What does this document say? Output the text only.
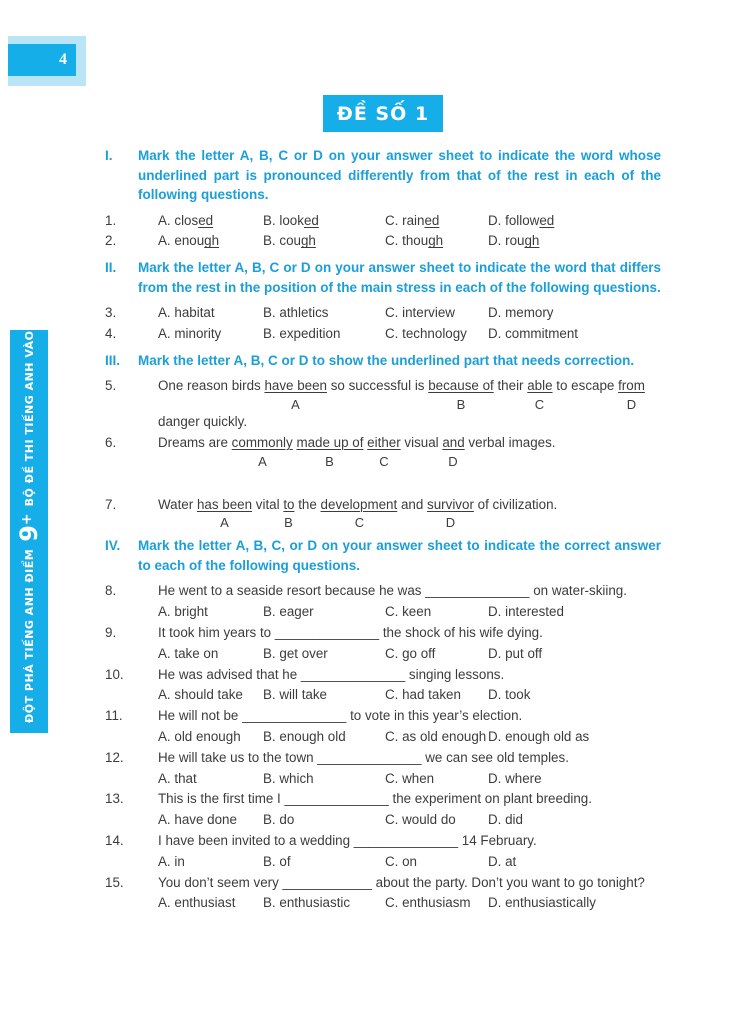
4
ĐỀ SỐ 1
ĐỘT PHÁ TIẾNG ANH ĐIỂM
9+
BỘ ĐỀ THI TIẾNG ANH VÀO LỚP
10
I.	Mark the letter A, B, C or D on your answer sheet to indicate the word whose underlined part is pronounced differently from that of the rest in each of the following questions.
1.	A. closed	B. looked	C. rained	D. followed
2.	A. enough	B. cough	C. though	D. rough
II.	Mark the letter A, B, C or D on your answer sheet to indicate the word that differs from the rest in the position of the main stress in each of the following questions.
3.	A. habitat	B. athletics	C. interview	D. memory
4.	A. minority	B. expedition	C. technology	D. commitment
III.	Mark the letter A, B, C or D to show the underlined part that needs correction.
5.	One reason birds have been so successful is because of their able to escape from
A	B	C	D
danger quickly.
6.	Dreams are commonly made up of either visual and verbal images.
A	B	C	D
7.	Water has been vital to the development and survivor of civilization.
A	B	C	D
IV.	Mark the letter A, B, C, or D on your answer sheet to indicate the correct answer to each of the following questions.
8.	He went to a seaside resort because he was ______________ on water-skiing.
A. bright	B. eager	C. keen	D. interested
9.	It took him years to ______________ the shock of his wife dying.
A. take on	B. get over	C. go off	D. put off
10.	He was advised that he ______________ singing lessons.
A. should take	B. will take	C. had taken	D. took
11.	He will not be ______________ to vote in this year’s election.
A. old enough	B. enough old	C. as old enough D. enough old as
12.	He will take us to the town ______________ we can see old temples.
A. that	B. which	C. when	D. where
13.	This is the first time I ______________ the experiment on plant breeding.
A. have done	B. do	C. would do	D. did
14.	I have been invited to a wedding ______________ 14 February.
A. in	B. of	C. on	D. at
15.	You don’t seem very ____________ about the party. Don’t you want to go tonight?
A. enthusiast	B. enthusiastic	C. enthusiasm	D. enthusiastically
